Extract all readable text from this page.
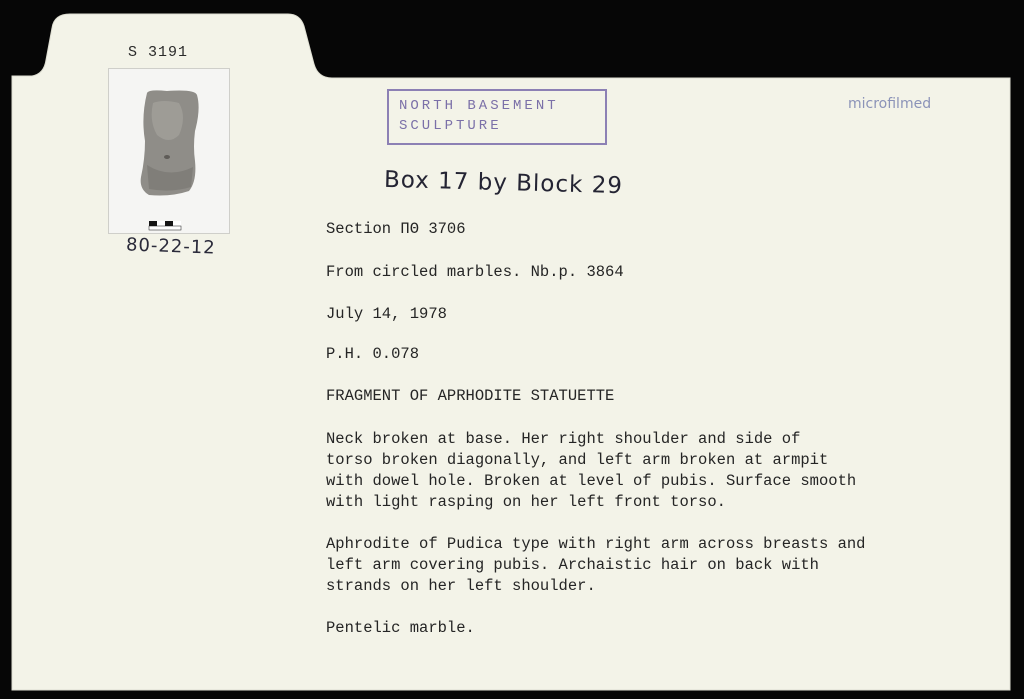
S 3191
80-22-12
NORTH BASEMENT
SCULPTURE
microfilmed
Box 17 by Block 29
Section ΠΘ 3706
From circled marbles. Nb.p. 3864
July 14, 1978
P.H. 0.078
FRAGMENT OF APRHODITE STATUETTE
Neck broken at base. Her right shoulder and side of
torso broken diagonally, and left arm broken at armpit
with dowel hole. Broken at level of pubis. Surface smooth
with light rasping on her left front torso.
Aphrodite of Pudica type with right arm across breasts and
left arm covering pubis. Archaistic hair on back with
strands on her left shoulder.
Pentelic marble.
